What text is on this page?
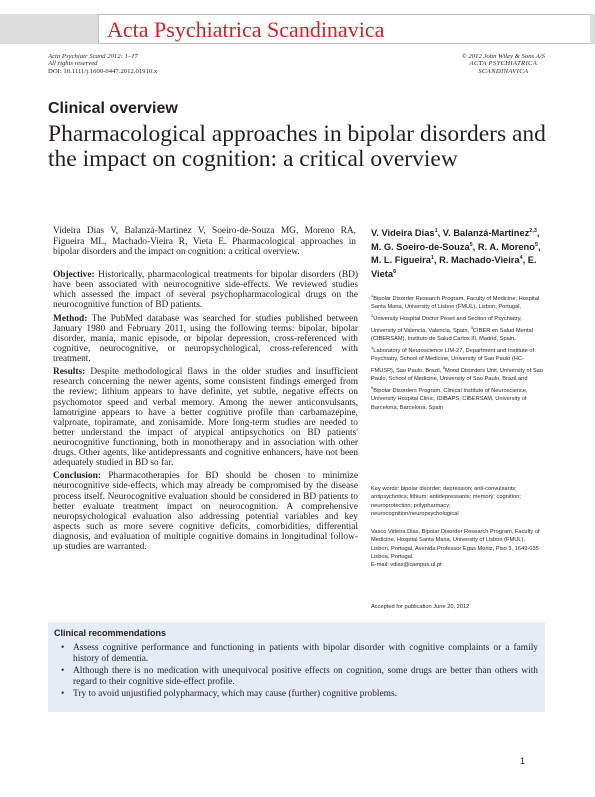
Acta Psychiatrica Scandinavica
Acta Psychiatr Scand 2012: 1–17
All rights reserved
DOI: 10.1111/j.1600-0447.2012.01910.x
© 2012 John Wiley & Sons A/S
ACTA PSYCHIATRICA
SCANDINAVICA
Clinical overview
Pharmacological approaches in bipolar disorders and the impact on cognition: a critical overview
Videira Dias V, Balanzá-Martinez V, Soeiro-de-Souza MG, Moreno RA, Figueira ML, Machado-Vieira R, Vieta E. Pharmacological approaches in bipolar disorders and the impact on cognition: a critical overview.

Objective: Historically, pharmacological treatments for bipolar disorders (BD) have been associated with neurocognitive side-effects. We reviewed studies which assessed the impact of several psychopharmacological drugs on the neurocognitive function of BD patients.

Method: The PubMed database was searched for studies published between January 1980 and February 2011, using the following terms: bipolar, bipolar disorder, mania, manic episode, or bipolar depression, cross-referenced with cognitive, neurocognitive, or neuropsychological, cross-referenced with treatment.

Results: Despite methodological flaws in the older studies and insufficient research concerning the newer agents, some consistent findings emerged from the review; lithium appears to have definite, yet subtle, negative effects on psychomotor speed and verbal memory. Among the newer anticonvulsants, lamotrigine appears to have a better cognitive profile than carbamazepine, valproate, topiramate, and zonisamide. More long-term studies are needed to better understand the impact of atypical antipsychotics on BD patients' neurocognitive functioning, both in monotherapy and in association with other drugs. Other agents, like antidepressants and cognitive enhancers, have not been adequately studied in BD so far.

Conclusion: Pharmacotherapies for BD should be chosen to minimize neurocognitive side-effects, which may already be compromised by the disease process itself. Neurocognitive evaluation should be considered in BD patients to better evaluate treatment impact on neurocognition. A comprehensive neuropsychological evaluation also addressing potential variables and key aspects such as more severe cognitive deficits, comorbidities, differential diagnosis, and evaluation of multiple cognitive domains in longitudinal follow-up studies are warranted.

V. Videira Dias$^1$, V. Balanzá-Martinez$^{2,3}$, M. G. Soeiro-de-Souza$^5$, R. A. Moreno$^5$, M. L. Figueira$^1$, R. Machado-Vieira$^4$, E. Vieta$^6$
$^1$Bipolar Disorder Research Program, Faculty of Medicine, Hospital Santa Maria, University of Lisbon (FMUL), Lisbon, Portugal, $^2$University Hospital Doctor Peset and Section of Psychiatry, University of Valencia, Valencia, Spain, $^3$CIBER en Salud Mental (CIBERSAM), Instituto de Salud Carlos III, Madrid, Spain, $^4$Laboratory of Neuroscience LIM-27, Department and Institute of Psychiatry, School of Medicine, University of Sao Paulo (HC-FMUSP), Sao Paulo, Brazil, $^5$Mood Disorders Unit, University of Sao Paulo, School of Medicine, University of Sao Paulo, Brazil and $^6$Bipolar Disorders Program, Clinical Institute of Neuroscience, University Hospital Clinic, IDIBAPS, CIBERSAM, University of Barcelona, Barcelona, Spain
Key words: bipolar disorder; depression; anti-convulsants; antipsychotics; lithium; antidepressants; memory; cognition; neuroprotection; polypharmacy; neurocognition/neuropsychological
Vasco Videira Dias, Bipolar Disorder Research Program, Faculty of Medicine, Hospital Santa Maria, University of Lisbon (FMUL), Lisbon, Portugal, Avenida Professor Egas Moniz, Piso 3, 1649-035 Lisboa, Portugal.
E-mail: vdias@campus.ul.pt
Accepted for publication June 20, 2012
Clinical recommendations
• Assess cognitive performance and functioning in patients with bipolar disorder with cognitive complaints or a family history of dementia.
• Although there is no medication with unequivocal positive effects on cognition, some drugs are better than others with regard to their cognitive side-effect profile.
• Try to avoid unjustified polypharmacy, which may cause (further) cognitive problems.
1
